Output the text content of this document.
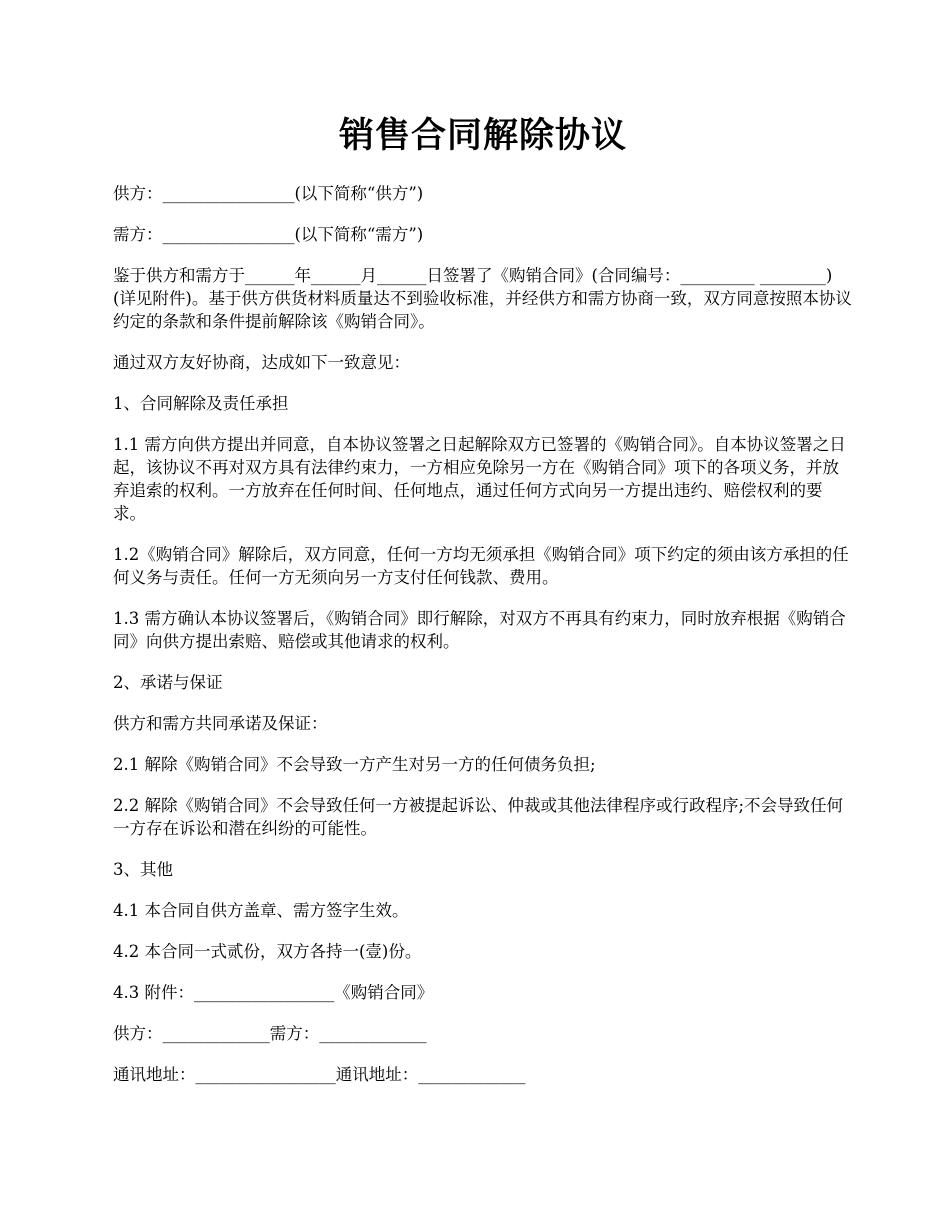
销售合同解除协议

供方：________________(以下简称“供方”)

需方：________________(以下简称“需方”)

鉴于供方和需方于______年______月______日签署了《购销合同》(合同编号：_________ ________)(详见附件)。基于供方供货材料质量达不到验收标准，并经供方和需方协商一致，双方同意按照本协议约定的条款和条件提前解除该《购销合同》。

通过双方友好协商，达成如下一致意见：

1、合同解除及责任承担

1.1 需方向供方提出并同意，自本协议签署之日起解除双方已签署的《购销合同》。自本协议签署之日起，该协议不再对双方具有法律约束力，一方相应免除另一方在《购销合同》项下的各项义务，并放弃追索的权利。一方放弃在任何时间、任何地点，通过任何方式向另一方提出违约、赔偿权利的要求。

1.2《购销合同》解除后，双方同意，任何一方均无须承担《购销合同》项下约定的须由该方承担的任何义务与责任。任何一方无须向另一方支付任何钱款、费用。

1.3 需方确认本协议签署后，《购销合同》即行解除，对双方不再具有约束力，同时放弃根据《购销合同》向供方提出索赔、赔偿或其他请求的权利。

2、承诺与保证

供方和需方共同承诺及保证：

2.1 解除《购销合同》不会导致一方产生对另一方的任何债务负担;

2.2 解除《购销合同》不会导致任何一方被提起诉讼、仲裁或其他法律程序或行政程序;不会导致任何一方存在诉讼和潜在纠纷的可能性。

3、其他

4.1 本合同自供方盖章、需方签字生效。

4.2 本合同一式贰份，双方各持一(壹)份。

4.3 附件：_________________《购销合同》

供方：_____________需方：_____________

通讯地址：_________________通讯地址：_____________
